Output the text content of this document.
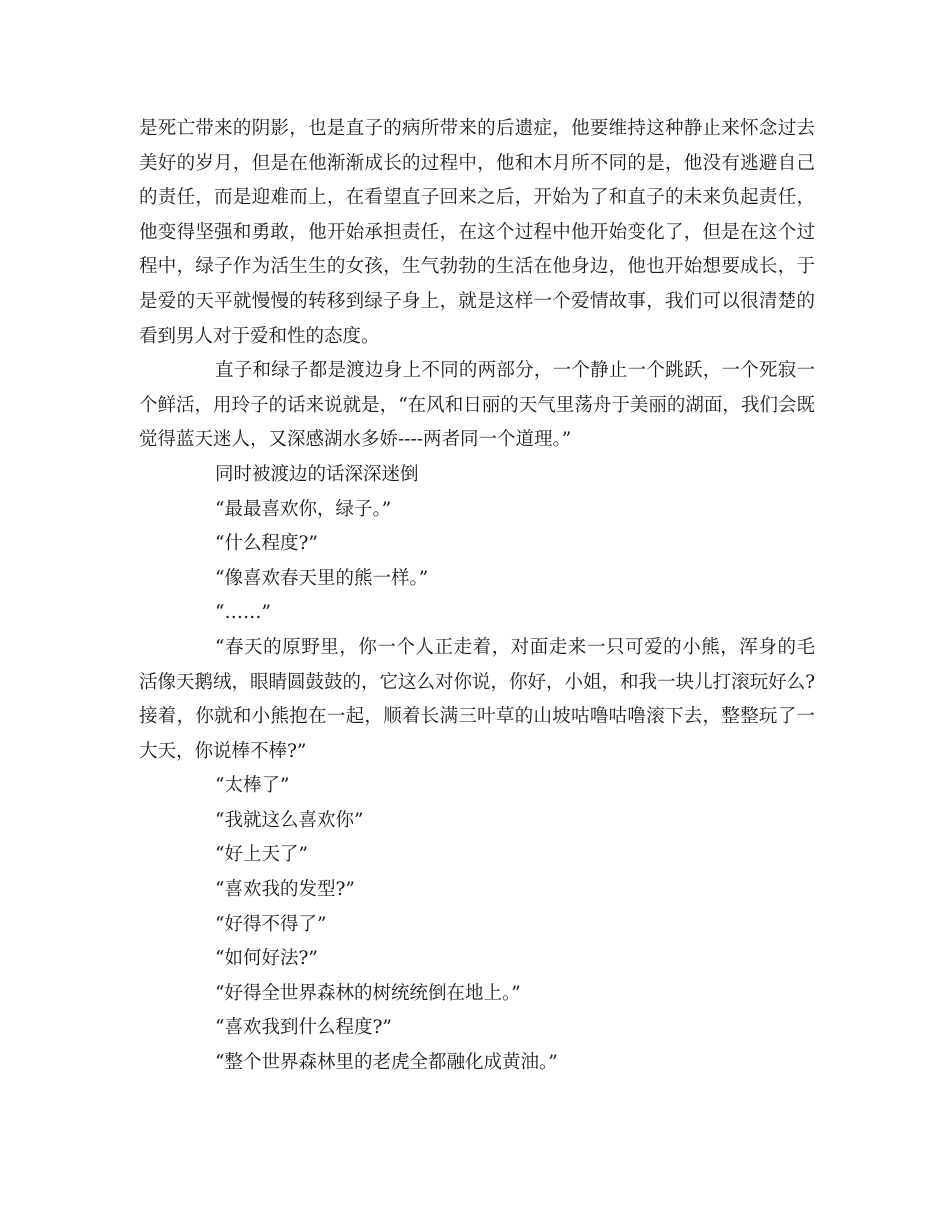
是死亡带来的阴影，也是直子的病所带来的后遗症，他要维持这种静止来怀念过去美好的岁月，但是在他渐渐成长的过程中，他和木月所不同的是，他没有逃避自己的责任，而是迎难而上，在看望直子回来之后，开始为了和直子的未来负起责任，他变得坚强和勇敢，他开始承担责任，在这个过程中他开始变化了，但是在这个过程中，绿子作为活生生的女孩，生气勃勃的生活在他身边，他也开始想要成长，于是爱的天平就慢慢的转移到绿子身上，就是这样一个爱情故事，我们可以很清楚的看到男人对于爱和性的态度。

直子和绿子都是渡边身上不同的两部分，一个静止一个跳跃，一个死寂一个鲜活，用玲子的话来说就是，“在风和日丽的天气里荡舟于美丽的湖面，我们会既觉得蓝天迷人，又深感湖水多娇----两者同一个道理。”

同时被渡边的话深深迷倒

“最最喜欢你，绿子。”

“什么程度?”

“像喜欢春天里的熊一样。”

“……”

“春天的原野里，你一个人正走着，对面走来一只可爱的小熊，浑身的毛活像天鹅绒，眼睛圆鼓鼓的，它这么对你说，你好，小姐，和我一块儿打滚玩好么?接着，你就和小熊抱在一起，顺着长满三叶草的山坡咕噜咕噜滚下去，整整玩了一大天，你说棒不棒?”

“太棒了”

“我就这么喜欢你”

“好上天了”

“喜欢我的发型?”

“好得不得了”

“如何好法?”

“好得全世界森林的树统统倒在地上。”

“喜欢我到什么程度?”

“整个世界森林里的老虎全都融化成黄油。”
